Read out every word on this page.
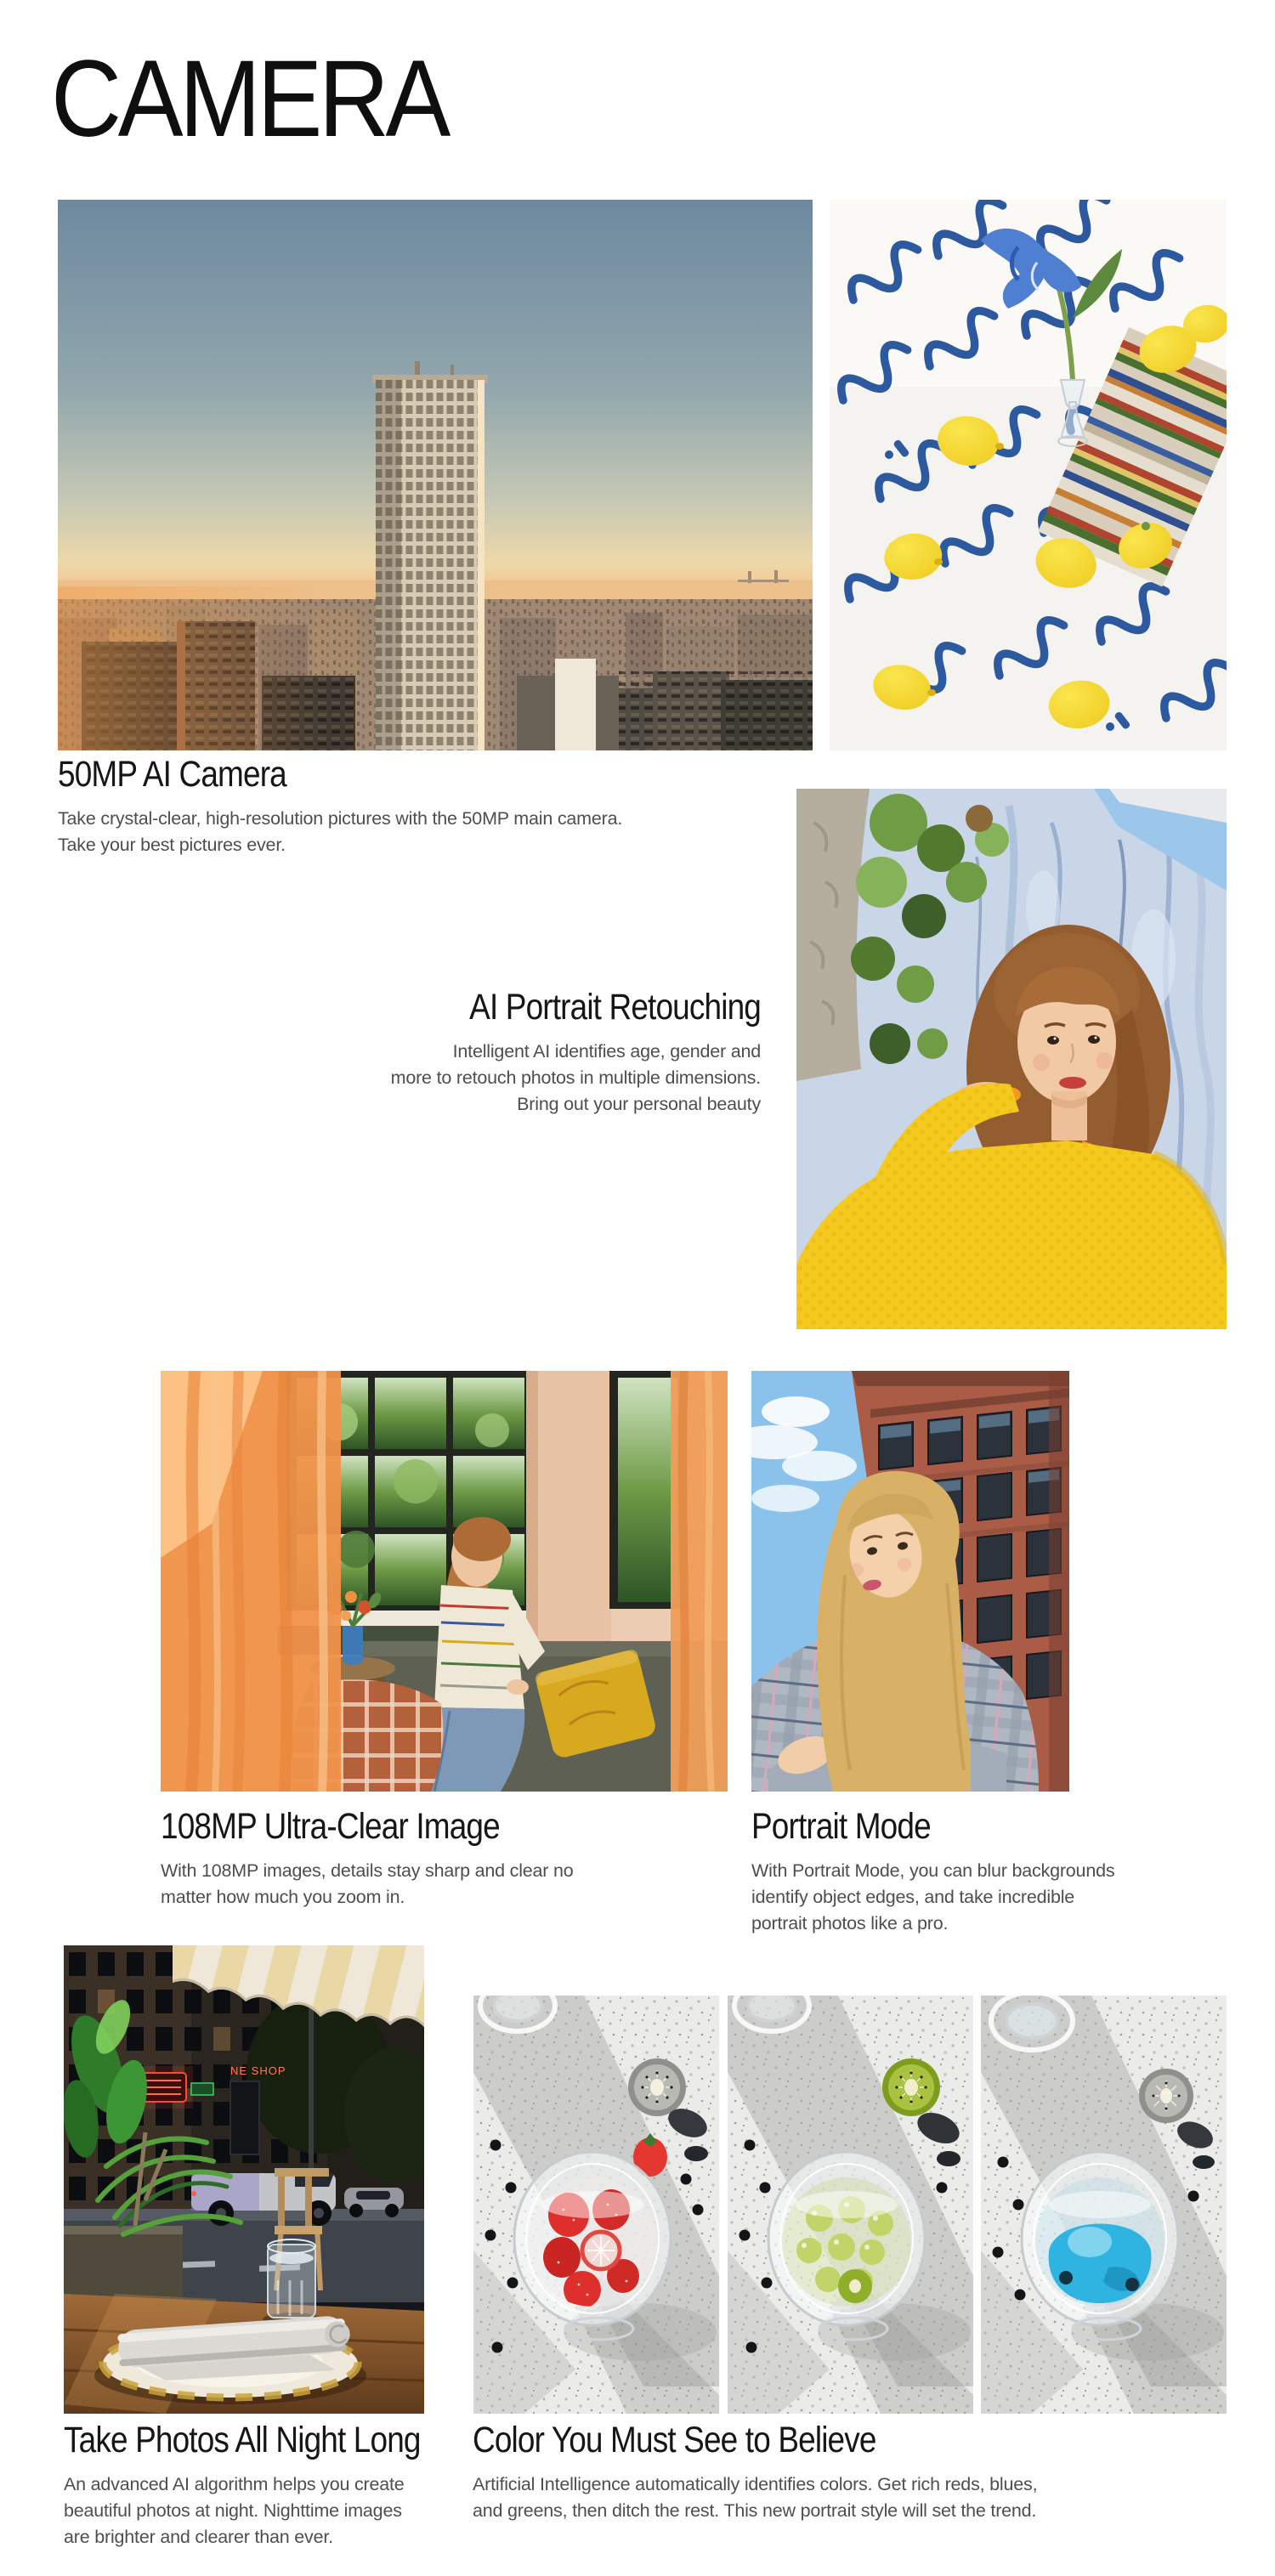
CAMERA
50MP AI Camera
Take crystal-clear, high-resolution pictures with the 50MP main camera.
Take your best pictures ever.
AI Portrait Retouching
Intelligent AI identifies age, gender and
more to retouch photos in multiple dimensions.
Bring out your personal beauty
108MP Ultra-Clear Image
With 108MP images, details stay sharp and clear no
matter how much you zoom in.
Portrait Mode
With Portrait Mode, you can blur backgrounds
identify object edges, and take incredible
portrait photos like a pro.
NE SHOP
Take Photos All Night Long
An advanced AI algorithm helps you create
beautiful photos at night. Nighttime images
are brighter and clearer than ever.
Color You Must See to Believe
Artificial Intelligence automatically identifies colors. Get rich reds, blues,
and greens, then ditch the rest. This new portrait style will set the trend.
